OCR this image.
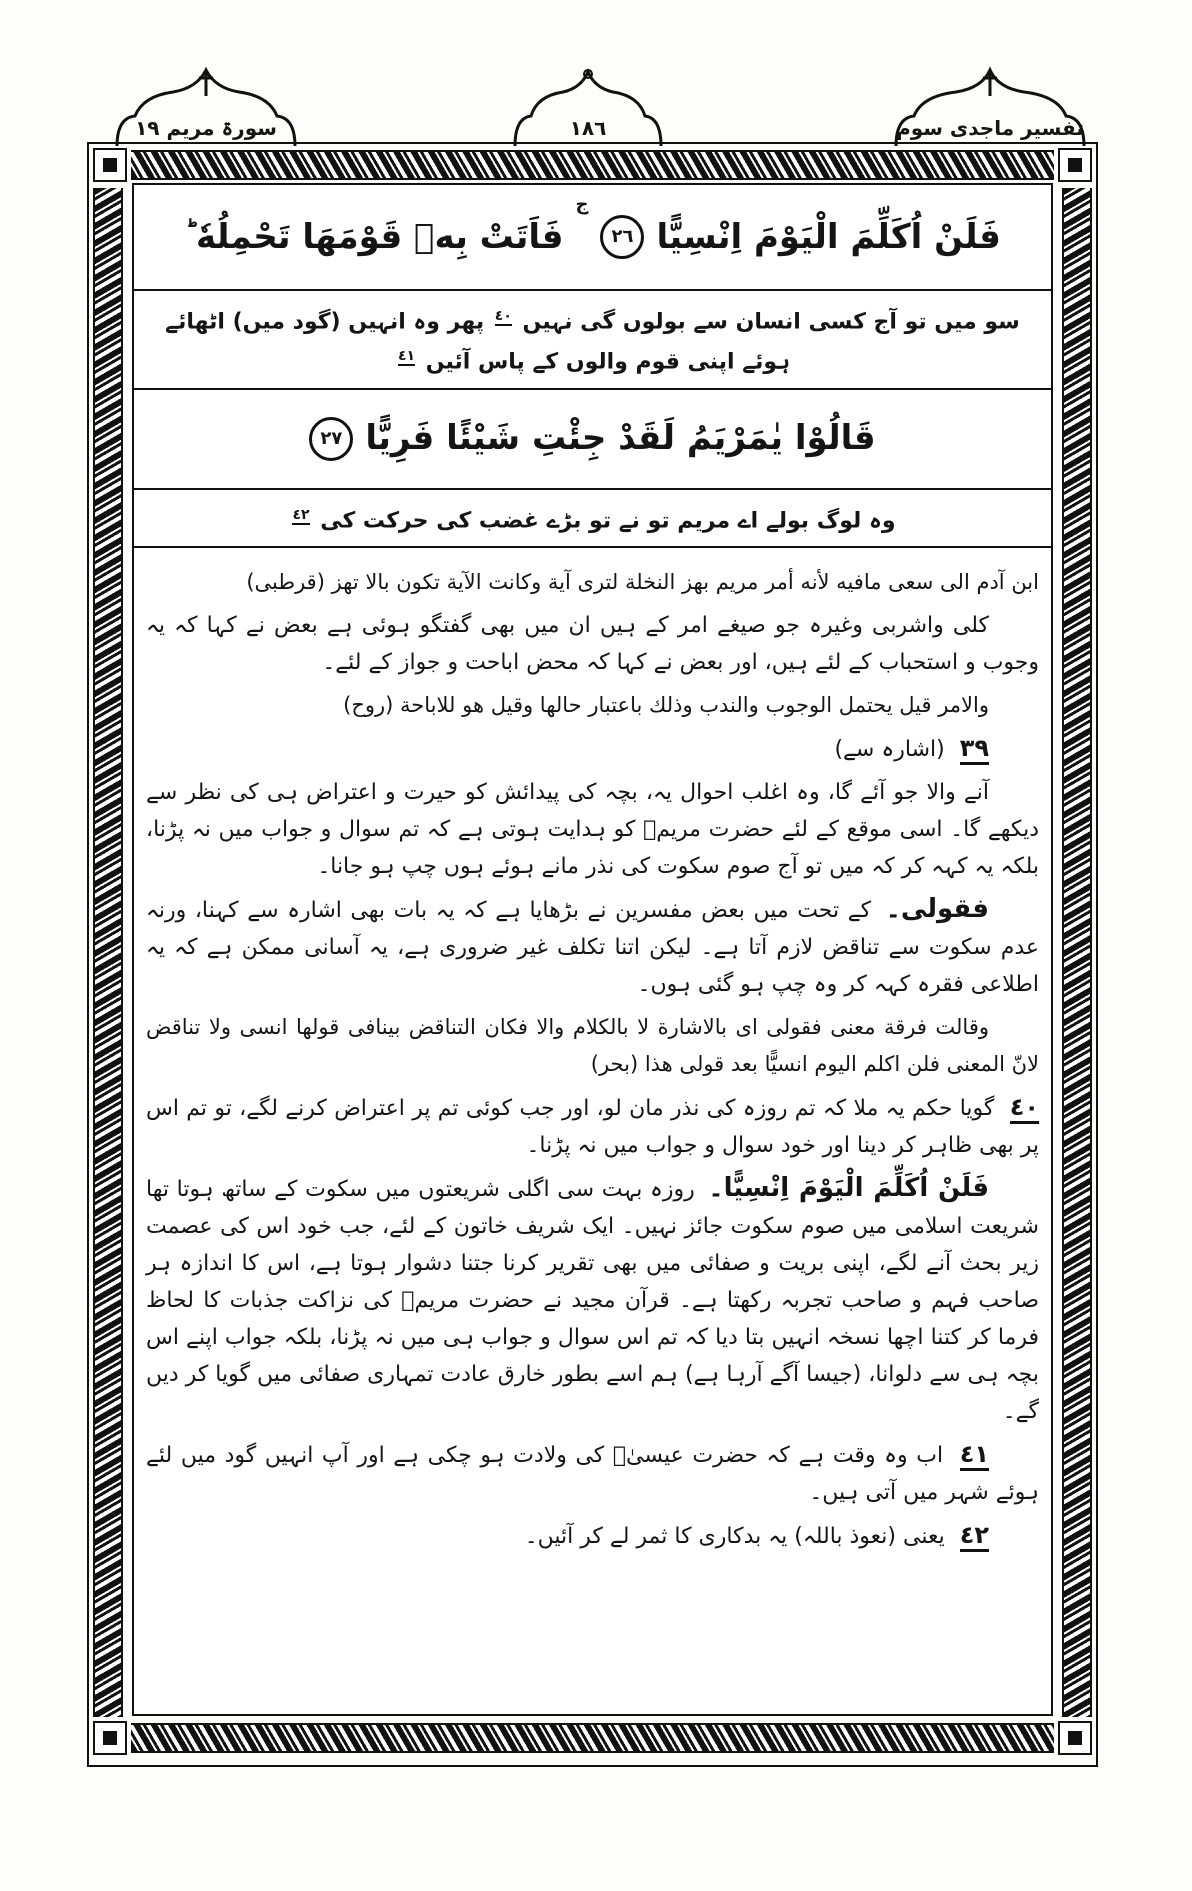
سورۃ مریم ١٩	١٨٦	تفسیر ماجدی سوم
فَلَنْ اُكَلِّمَ الْيَوْمَ اِنْسِيًّا
٢٦
ج
فَاَتَتْ بِهٖ قَوْمَهَا تَحْمِلُهٗ ؕ
سو میں تو آج کسی انسان سے بولوں گی نہیں $^{٤٠}$ پھر وہ انہیں (گود میں) اٹھائے ہوئے اپنی قوم والوں کے پاس آئیں $^{٤١}$
قَالُوْا يٰمَرْيَمُ لَقَدْ جِئْتِ شَيْئًا فَرِيًّا
٢٧
وہ لوگ بولے اے مریم تو نے تو بڑے غضب کی حرکت کی $^{٤٢}$

ابن آدم الى سعى مافيه لأنه أمر مريم بهز النخلة لترى آية وكانت الآية تكون بالا تهز (قرطبی)

کلی واشربی وغیرہ جو صیغے امر کے ہیں ان میں بھی گفتگو ہوئی ہے بعض نے کہا کہ یہ وجوب و استحباب کے لئے ہیں، اور بعض نے کہا کہ محض اباحت و جواز کے لئے۔

والامر قيل يحتمل الوجوب والندب وذلك باعتبار حالها وقيل هو للاباحة (روح)

٣٩ (اشارہ سے)

آنے والا جو آئے گا، وہ اغلب احوال یہ، بچہ کی پیدائش کو حیرت و اعتراض ہی کی نظر سے دیکھے گا۔ اسی موقع کے لئے حضرت مریمؑ کو ہدایت ہوتی ہے کہ تم سوال و جواب میں نہ پڑنا، بلکہ یہ کہہ کر کہ میں تو آج صوم سکوت کی نذر مانے ہوئے ہوں چپ ہو جانا۔

فقولی۔ کے تحت میں بعض مفسرین نے بڑھایا ہے کہ یہ بات بھی اشارہ سے کہنا، ورنہ عدم سکوت سے تناقض لازم آتا ہے۔ لیکن اتنا تکلف غیر ضروری ہے، یہ آسانی ممکن ہے کہ یہ اطلاعی فقرہ کہہ کر وہ چپ ہو گئی ہوں۔

وقالت فرقة معنى فقولى اى بالاشارة لا بالكلام والا فكان التناقض بينافى قولها انسى ولا تناقض لانّ المعنى فلن اكلم اليوم انسيًّا بعد قولى هذا (بحر)

٤٠ گویا حکم یہ ملا کہ تم روزہ کی نذر مان لو، اور جب کوئی تم پر اعتراض کرنے لگے، تو تم اس پر بھی ظاہر کر دینا اور خود سوال و جواب میں نہ پڑنا۔

فَلَنْ اُكَلِّمَ الْيَوْمَ اِنْسِيًّا۔ روزہ بہت سی اگلی شریعتوں میں سکوت کے ساتھ ہوتا تھا شریعت اسلامی میں صوم سکوت جائز نہیں۔ ایک شریف خاتون کے لئے، جب خود اس کی عصمت زیر بحث آنے لگے، اپنی بریت و صفائی میں بھی تقریر کرنا جتنا دشوار ہوتا ہے، اس کا اندازہ ہر صاحب فہم و صاحب تجربہ رکھتا ہے۔ قرآن مجید نے حضرت مریمؑ کی نزاکت جذبات کا لحاظ فرما کر کتنا اچھا نسخہ انہیں بتا دیا کہ تم اس سوال و جواب ہی میں نہ پڑنا، بلکہ جواب اپنے اس بچہ ہی سے دلوانا، (جیسا آگے آرہا ہے) ہم اسے بطور خارق عادت تمہاری صفائی میں گویا کر دیں گے۔

٤١ اب وہ وقت ہے کہ حضرت عیسیٰؑ کی ولادت ہو چکی ہے اور آپ انہیں گود میں لئے ہوئے شہر میں آتی ہیں۔

٤٢ یعنی (نعوذ باللہ) یہ بدکاری کا ثمر لے کر آئیں۔
